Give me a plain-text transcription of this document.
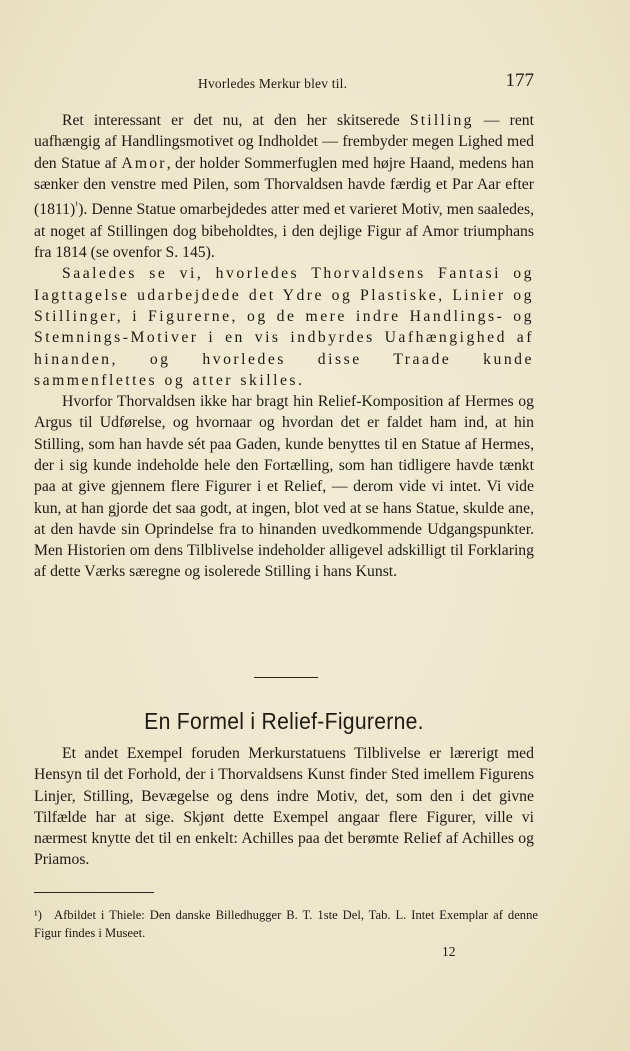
Hvorledes Merkur blev til.	177

Ret interessant er det nu, at den her skitserede Stilling — rent uafhængig af Handlingsmotivet og Indholdet — frembyder megen Lighed med den Statue af Amor, der holder Sommerfuglen med højre Haand, medens han sænker den venstre med Pilen, som Thorvaldsen havde færdig et Par Aar efter $(1811)^{^1}$). Denne Statue omarbejdedes atter med et varieret Motiv, men saaledes, at noget af Stillingen dog bibeholdtes, i den dejlige Figur af Amor triumphans fra 1814 (se ovenfor S. 145).

Saaledes se vi, hvorledes Thorvaldsens Fantasi og Iagttagelse udarbejdede det Ydre og Plastiske, Linier og Stillinger, i Figurerne, og de mere indre Handlings- og Stemnings-Motiver i en vis indbyrdes Uafhængighed af hinanden, og hvorledes disse Traade kunde sammenflettes og atter skilles.

Hvorfor Thorvaldsen ikke har bragt hin Relief-Komposition af Hermes og Argus til Udførelse, og hvornaar og hvordan det er faldet ham ind, at hin Stilling, som han havde sét paa Gaden, kunde benyttes til en Statue af Hermes, der i sig kunde indeholde hele den Fortælling, som han tidligere havde tænkt paa at give gjennem flere Figurer i et Relief, — derom vide vi intet. Vi vide kun, at han gjorde det saa godt, at ingen, blot ved at se hans Statue, skulde ane, at den havde sin Oprindelse fra to hinanden uvedkommende Udgangspunkter. Men Historien om dens Tilblivelse indeholder alligevel adskilligt til Forklaring af dette Værks særegne og isolerede Stilling i hans Kunst.

En Formel i Relief-Figurerne.

Et andet Exempel foruden Merkurstatuens Tilblivelse er lærerigt med Hensyn til det Forhold, der i Thorvaldsens Kunst finder Sted imellem Figurens Linjer, Stilling, Bevægelse og dens indre Motiv, det, som den i det givne Tilfælde har at sige. Skjønt dette Exempel angaar flere Figurer, ville vi nærmest knytte det til en enkelt: Achilles paa det berømte Relief af Achilles og Priamos.

¹) Afbildet i Thiele: Den danske Billedhugger B. T. 1ste Del, Tab. L. Intet Exemplar af denne Figur findes i Museet.
12
